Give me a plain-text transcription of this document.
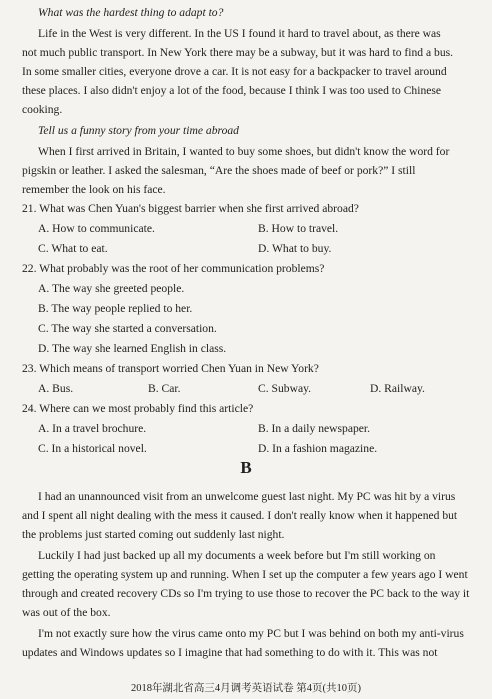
What was the hardest thing to adapt to?
Life in the West is very different. In the US I found it hard to travel about, as there was
not much public transport. In New York there may be a subway, but it was hard to find a bus.
In some smaller cities, everyone drove a car. It is not easy for a backpacker to travel around
these places. I also didn't enjoy a lot of the food, because I think I was too used to Chinese
cooking.
Tell us a funny story from your time abroad
When I first arrived in Britain, I wanted to buy some shoes, but didn't know the word for
pigskin or leather. I asked the salesman, “Are the shoes made of beef or pork?” I still
remember the look on his face.
21. What was Chen Yuan's biggest barrier when she first arrived abroad?
A. How to communicate.	B. How to travel.
C. What to eat.	D. What to buy.
22. What probably was the root of her communication problems?
A. The way she greeted people.
B. The way people replied to her.
C. The way she started a conversation.
D. The way she learned English in class.
23. Which means of transport worried Chen Yuan in New York?
A. Bus.	B. Car.	C. Subway.	D. Railway.
24. Where can we most probably find this article?
A. In a travel brochure.	B. In a daily newspaper.
C. In a historical novel.	D. In a fashion magazine.
B
I had an unannounced visit from an unwelcome guest last night. My PC was hit by a virus
and I spent all night dealing with the mess it caused. I don't really know when it happened but
the problems just started coming out suddenly last night.
Luckily I had just backed up all my documents a week before but I'm still working on
getting the operating system up and running. When I set up the computer a few years ago I went
through and created recovery CDs so I'm trying to use those to recover the PC back to the way it
was out of the box.
I'm not exactly sure how the virus came onto my PC but I was behind on both my anti-virus
updates and Windows updates so I imagine that had something to do with it. This was not
2018年湖北省高三4月调考英语试卷 第4页(共10页)
